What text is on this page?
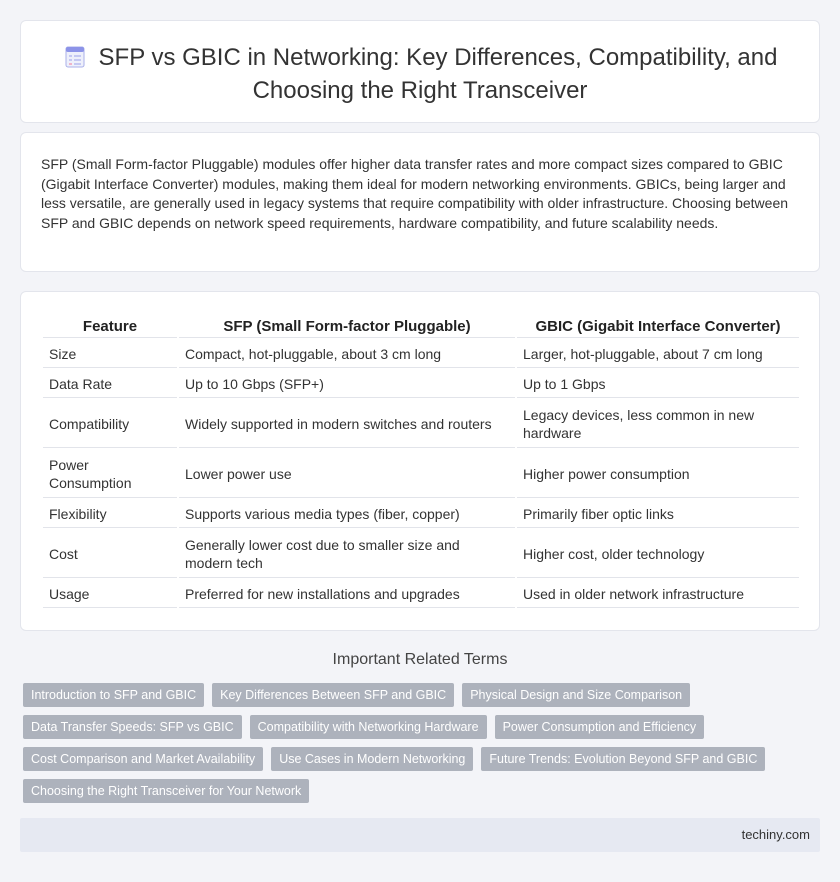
SFP vs GBIC in Networking: Key Differences, Compatibility, and Choosing the Right Transceiver

SFP (Small Form-factor Pluggable) modules offer higher data transfer rates and more compact sizes compared to GBIC (Gigabit Interface Converter) modules, making them ideal for modern networking environments. GBICs, being larger and less versatile, are generally used in legacy systems that require compatibility with older infrastructure. Choosing between SFP and GBIC depends on network speed requirements, hardware compatibility, and future scalability needs.

Feature	SFP (Small Form-factor Pluggable)	GBIC (Gigabit Interface Converter)
Size	Compact, hot-pluggable, about 3 cm long	Larger, hot-pluggable, about 7 cm long
Data Rate	Up to 10 Gbps (SFP+)	Up to 1 Gbps
Compatibility	Widely supported in modern switches and routers	Legacy devices, less common in new hardware
Power Consumption	Lower power use	Higher power consumption
Flexibility	Supports various media types (fiber, copper)	Primarily fiber optic links
Cost	Generally lower cost due to smaller size and modern tech	Higher cost, older technology
Usage	Preferred for new installations and upgrades	Used in older network infrastructure
Important Related Terms
Introduction to SFP and GBIC	Key Differences Between SFP and GBIC	Physical Design and Size Comparison
Data Transfer Speeds: SFP vs GBIC	Compatibility with Networking Hardware	Power Consumption and Efficiency
Cost Comparison and Market Availability	Use Cases in Modern Networking	Future Trends: Evolution Beyond SFP and GBIC
Choosing the Right Transceiver for Your Network
techiny.com
